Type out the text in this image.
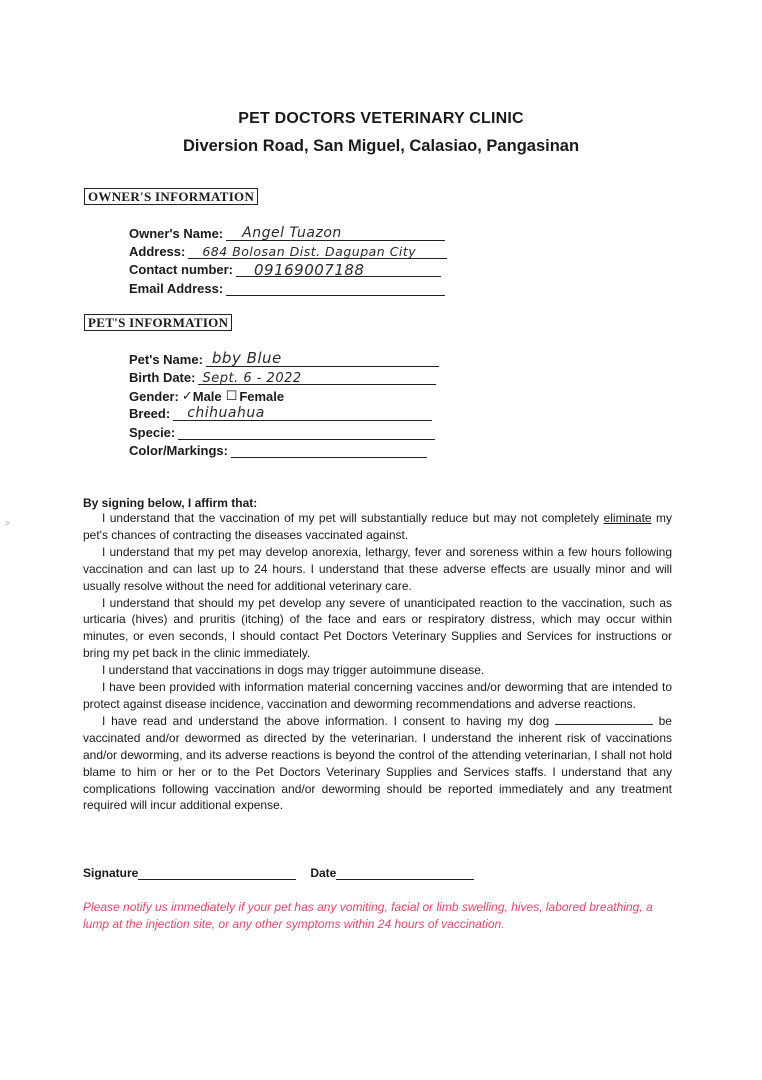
PET DOCTORS VETERINARY CLINIC
Diversion Road, San Miguel, Calasiao, Pangasinan
OWNER'S INFORMATION
Owner's Name: Angel Tuazon
Address: 684 Bolosan Dist. Dagupan City
Contact number: 09169007188
Email Address:
PET'S INFORMATION
Pet's Name: bby Blue
Birth Date: Sept. 6 - 2022
Gender: ✓ Male ☐ Female
Breed: chihuahua
Specie:
Color/Markings:
By signing below, I affirm that:

I understand that the vaccination of my pet will substantially reduce but may not completely eliminate my pet's chances of contracting the diseases vaccinated against.

I understand that my pet may develop anorexia, lethargy, fever and soreness within a few hours following vaccination and can last up to 24 hours. I understand that these adverse effects are usually minor and will usually resolve without the need for additional veterinary care.

I understand that should my pet develop any severe of unanticipated reaction to the vaccination, such as urticaria (hives) and pruritis (itching) of the face and ears or respiratory distress, which may occur within minutes, or even seconds, I should contact Pet Doctors Veterinary Supplies and Services for instructions or bring my pet back in the clinic immediately.

I understand that vaccinations in dogs may trigger autoimmune disease.

I have been provided with information material concerning vaccines and/or deworming that are intended to protect against disease incidence, vaccination and deworming recommendations and adverse reactions.

I have read and understand the above information. I consent to having my dog	be vaccinated and/or dewormed as directed by the veterinarian. I understand the inherent risk of vaccinations and/or deworming, and its adverse reactions is beyond the control of the attending veterinarian, I shall not hold blame to him or her or to the Pet Doctors Veterinary Supplies and Services staffs. I understand that any complications following vaccination and/or deworming should be reported immediately and any treatment required will incur additional expense.

Signature	Date
Please notify us immediately if your pet has any vomiting, facial or limb swelling, hives, labored breathing, a lump at the injection site, or any other symptoms within 24 hours of vaccination.
>
